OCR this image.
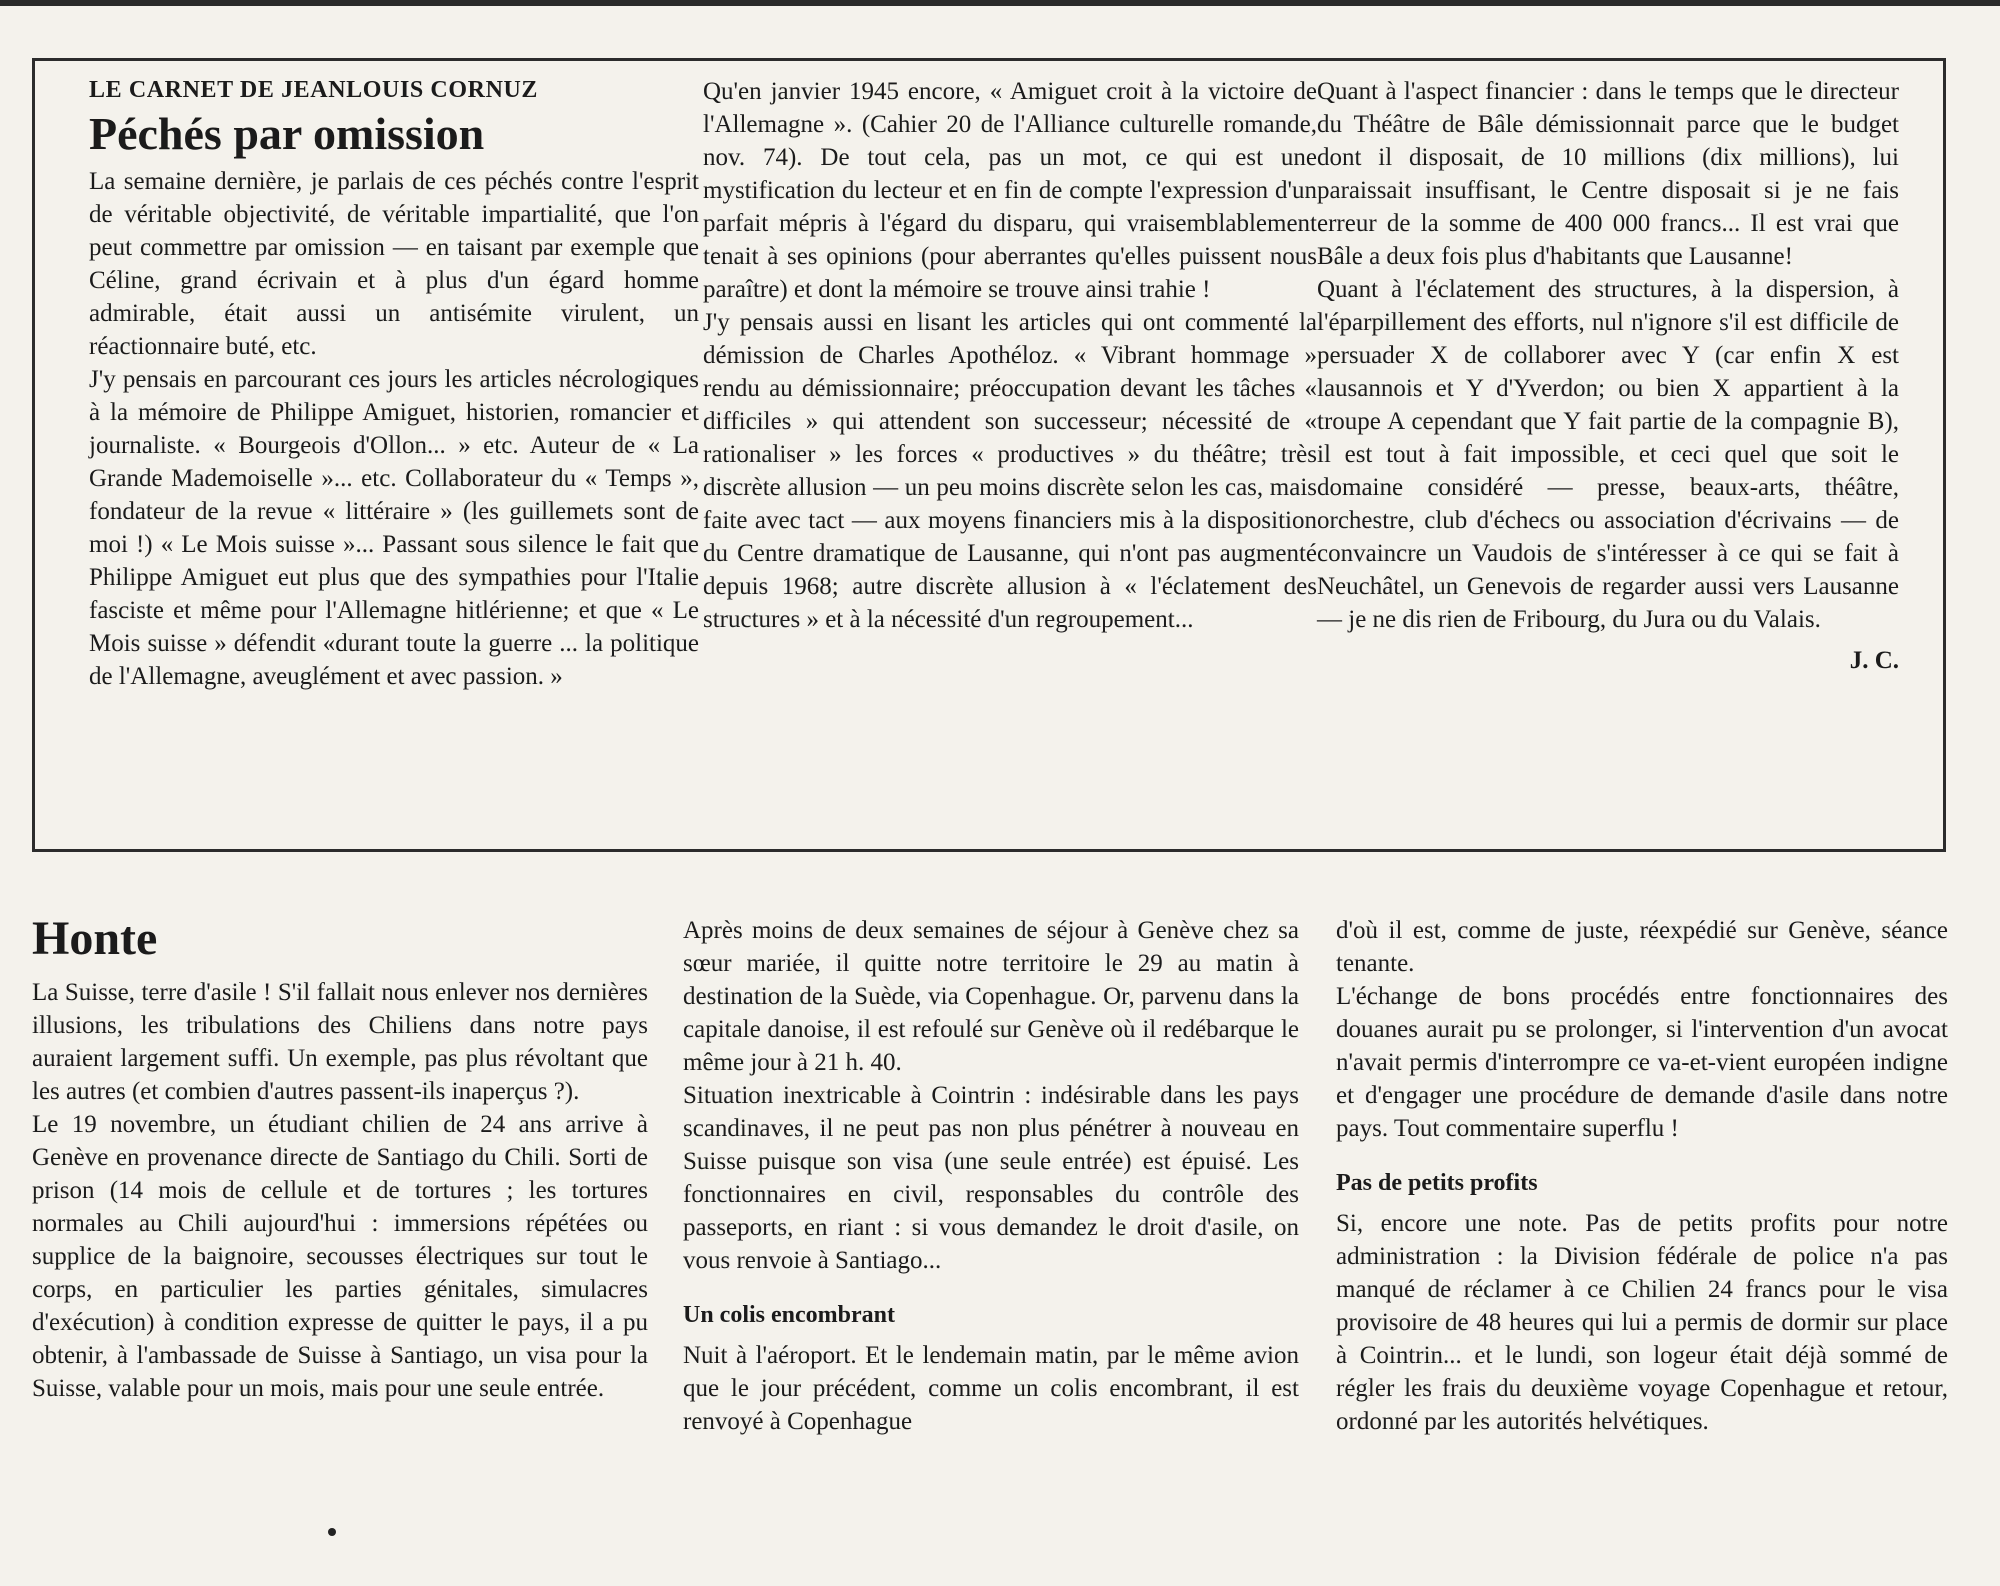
LE CARNET DE JEANLOUIS CORNUZ
Péchés par omission

La semaine dernière, je parlais de ces péchés contre l'esprit de véritable objectivité, de véritable impartialité, que l'on peut commettre par omission — en taisant par exemple que Céline, grand écrivain et à plus d'un égard homme admirable, était aussi un antisémite virulent, un réactionnaire buté, etc.

J'y pensais en parcourant ces jours les articles nécrologiques à la mémoire de Philippe Amiguet, historien, romancier et journaliste. « Bourgeois d'Ollon... » etc. Auteur de « La Grande Mademoiselle »... etc. Collaborateur du « Temps », fondateur de la revue « littéraire » (les guillemets sont de moi !) « Le Mois suisse »... Passant sous silence le fait que Philippe Amiguet eut plus que des sympathies pour l'Italie fasciste et même pour l'Allemagne hitlérienne; et que « Le Mois suisse » défendit «durant toute la guerre ... la politique de l'Allemagne, aveuglément et avec passion. »

Qu'en janvier 1945 encore, « Amiguet croit à la victoire de l'Allemagne ». (Cahier 20 de l'Alliance culturelle romande, nov. 74). De tout cela, pas un mot, ce qui est une mystification du lecteur et en fin de compte l'expression d'un parfait mépris à l'égard du disparu, qui vraisemblablement tenait à ses opinions (pour aberrantes qu'elles puissent nous paraître) et dont la mémoire se trouve ainsi trahie !

J'y pensais aussi en lisant les articles qui ont commenté la démission de Charles Apothéloz. « Vibrant hommage » rendu au démissionnaire; préoccupation devant les tâches « difficiles » qui attendent son successeur; nécessité de « rationaliser » les forces « productives » du théâtre; très discrète allusion — un peu moins discrète selon les cas, mais faite avec tact — aux moyens financiers mis à la disposition du Centre dramatique de Lausanne, qui n'ont pas augmenté depuis 1968; autre discrète allusion à « l'éclatement des structures » et à la nécessité d'un regroupement...

Quant à l'aspect financier : dans le temps que le directeur du Théâtre de Bâle démissionnait parce que le budget dont il disposait, de 10 millions (dix millions), lui paraissait insuffisant, le Centre disposait si je ne fais erreur de la somme de 400 000 francs... Il est vrai que Bâle a deux fois plus d'habitants que Lausanne!

Quant à l'éclatement des structures, à la dispersion, à l'éparpillement des efforts, nul n'ignore s'il est difficile de persuader X de collaborer avec Y (car enfin X est lausannois et Y d'Yverdon; ou bien X appartient à la troupe A cependant que Y fait partie de la compagnie B), il est tout à fait impossible, et ceci quel que soit le domaine considéré — presse, beaux-arts, théâtre, orchestre, club d'échecs ou association d'écrivains — de convaincre un Vaudois de s'intéresser à ce qui se fait à Neuchâtel, un Genevois de regarder aussi vers Lausanne — je ne dis rien de Fribourg, du Jura ou du Valais.

J. C.
Honte

La Suisse, terre d'asile ! S'il fallait nous enlever nos dernières illusions, les tribulations des Chiliens dans notre pays auraient largement suffi. Un exemple, pas plus révoltant que les autres (et combien d'autres passent-ils inaperçus ?).

Le 19 novembre, un étudiant chilien de 24 ans arrive à Genève en provenance directe de Santiago du Chili. Sorti de prison (14 mois de cellule et de tortures ; les tortures normales au Chili aujourd'hui : immersions répétées ou supplice de la baignoire, secousses électriques sur tout le corps, en particulier les parties génitales, simulacres d'exécution) à condition expresse de quitter le pays, il a pu obtenir, à l'ambassade de Suisse à Santiago, un visa pour la Suisse, valable pour un mois, mais pour une seule entrée.

Après moins de deux semaines de séjour à Genève chez sa sœur mariée, il quitte notre territoire le 29 au matin à destination de la Suède, via Copenhague. Or, parvenu dans la capitale danoise, il est refoulé sur Genève où il redébarque le même jour à 21 h. 40.

Situation inextricable à Cointrin : indésirable dans les pays scandinaves, il ne peut pas non plus pénétrer à nouveau en Suisse puisque son visa (une seule entrée) est épuisé. Les fonctionnaires en civil, responsables du contrôle des passeports, en riant : si vous demandez le droit d'asile, on vous renvoie à Santiago...

Un colis encombrant

Nuit à l'aéroport. Et le lendemain matin, par le même avion que le jour précédent, comme un colis encombrant, il est renvoyé à Copenhague

d'où il est, comme de juste, réexpédié sur Genève, séance tenante.

L'échange de bons procédés entre fonctionnaires des douanes aurait pu se prolonger, si l'intervention d'un avocat n'avait permis d'interrompre ce va-et-vient européen indigne et d'engager une procédure de demande d'asile dans notre pays. Tout commentaire superflu !

Pas de petits profits

Si, encore une note. Pas de petits profits pour notre administration : la Division fédérale de police n'a pas manqué de réclamer à ce Chilien 24 francs pour le visa provisoire de 48 heures qui lui a permis de dormir sur place à Cointrin... et le lundi, son logeur était déjà sommé de régler les frais du deuxième voyage Copenhague et retour, ordonné par les autorités helvétiques.
